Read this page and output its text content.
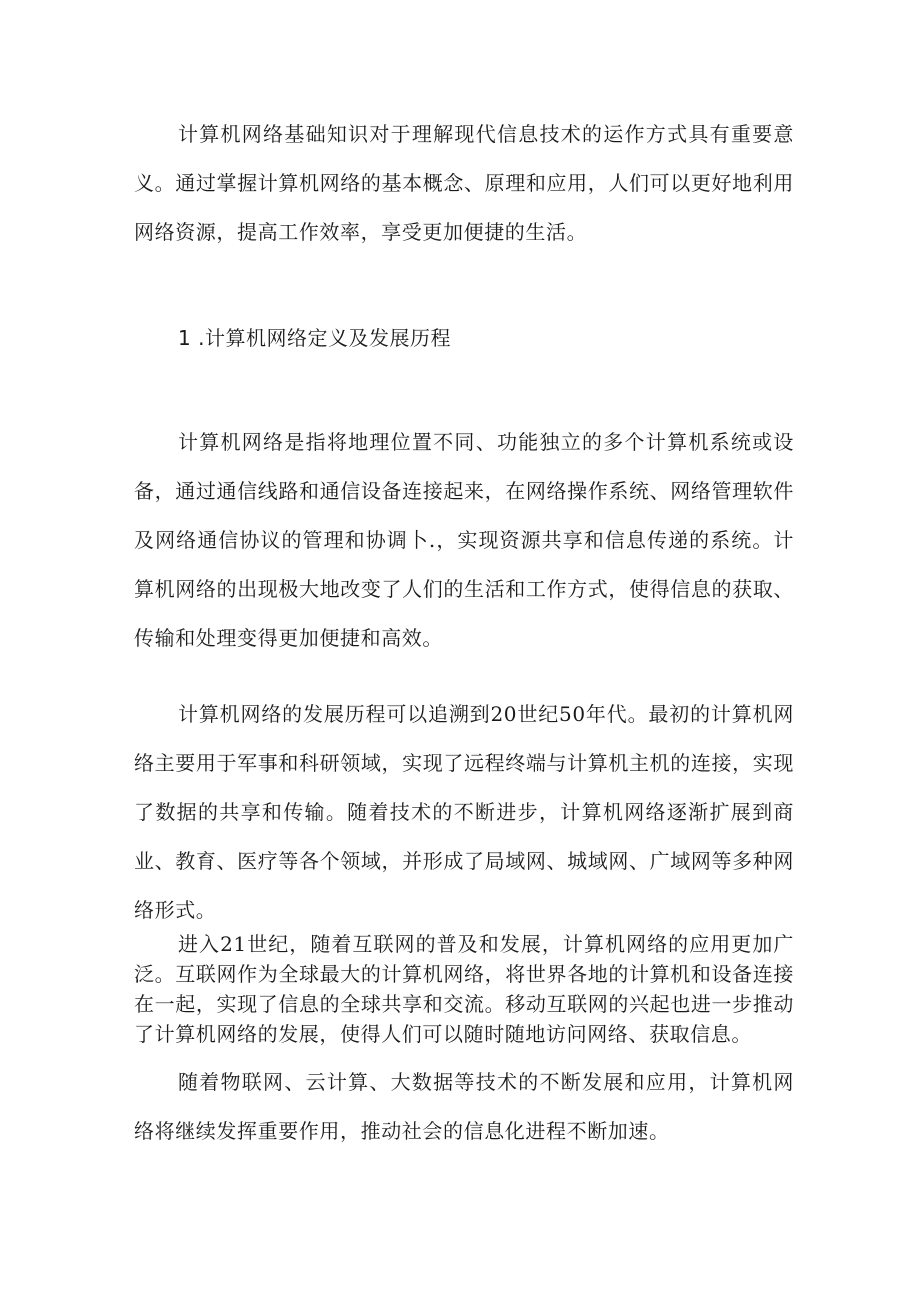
计算机网络基础知识对于理解现代信息技术的运作方式具有重要意义。通过掌握计算机网络的基本概念、原理和应用，人们可以更好地利用网络资源，提高工作效率，享受更加便捷的生活。

1 .计算机网络定义及发展历程

计算机网络是指将地理位置不同、功能独立的多个计算机系统或设备，通过通信线路和通信设备连接起来，在网络操作系统、网络管理软件及网络通信协议的管理和协调卜.，实现资源共享和信息传递的系统。计算机网络的出现极大地改变了人们的生活和工作方式，使得信息的获取、传输和处理变得更加便捷和高效。

计算机网络的发展历程可以追溯到20世纪50年代。最初的计算机网络主要用于军事和科研领域，实现了远程终端与计算机主机的连接，实现了数据的共享和传输。随着技术的不断进步，计算机网络逐渐扩展到商业、教育、医疗等各个领域，并形成了局域网、城域网、广域网等多种网络形式。

进入21世纪，随着互联网的普及和发展，计算机网络的应用更加广泛。互联网作为全球最大的计算机网络，将世界各地的计算机和设备连接在一起，实现了信息的全球共享和交流。移动互联网的兴起也进一步推动了计算机网络的发展，使得人们可以随时随地访问网络、获取信息。

随着物联网、云计算、大数据等技术的不断发展和应用，计算机网络将继续发挥重要作用，推动社会的信息化进程不断加速。
